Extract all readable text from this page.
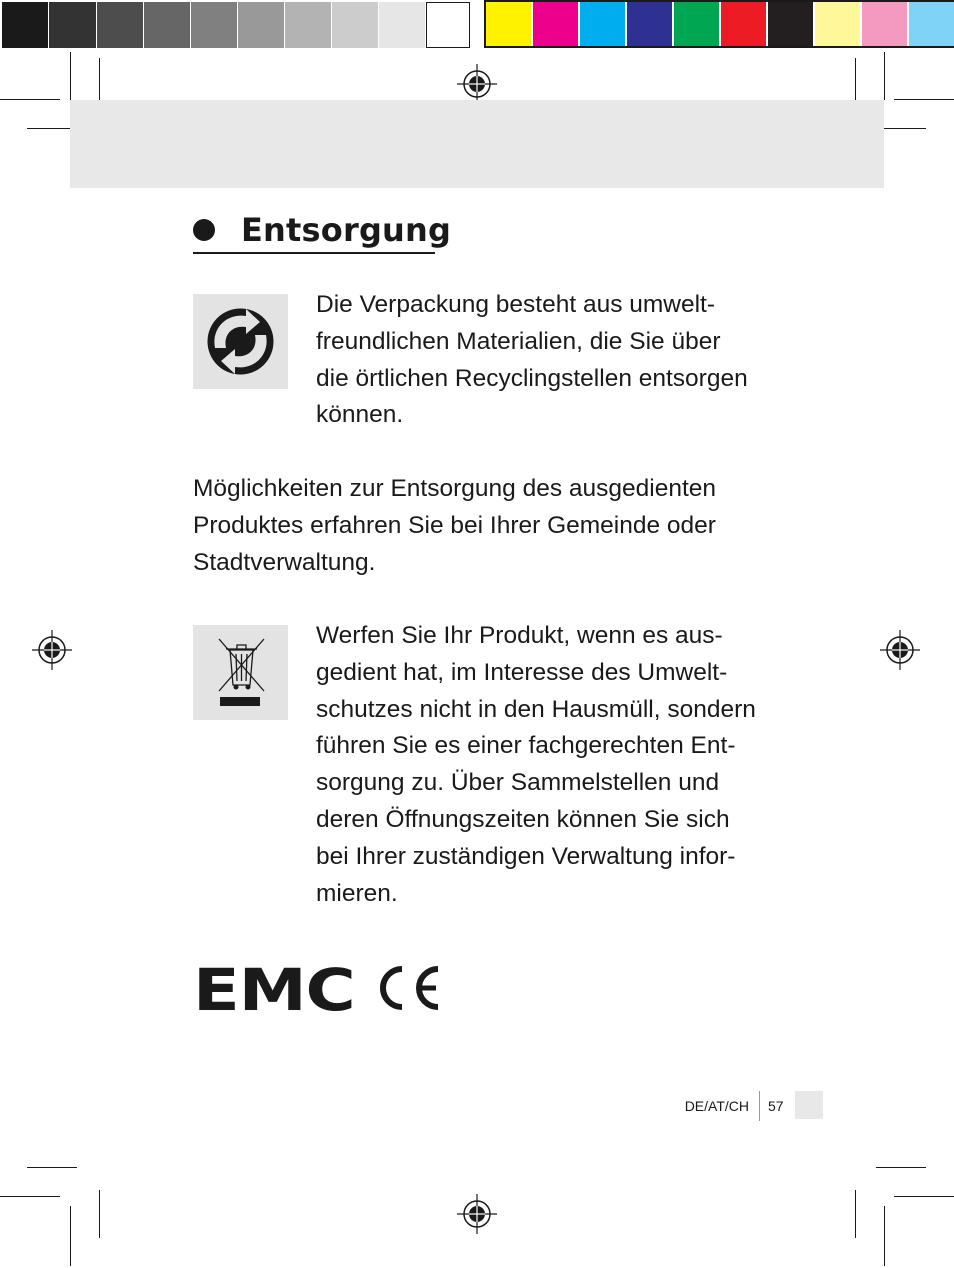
Entsorgung
Die Verpackung besteht aus umwelt-
freundlichen Materialien, die Sie über
die örtlichen Recyclingstellen entsorgen
können.
Möglichkeiten zur Entsorgung des ausgedienten
Produktes erfahren Sie bei Ihrer Gemeinde oder
Stadtverwaltung.
Werfen Sie Ihr Produkt, wenn es aus-
gedient hat, im Interesse des Umwelt-
schutzes nicht in den Hausmüll, sondern
führen Sie es einer fachgerechten Ent-
sorgung zu. Über Sammelstellen und
deren Öffnungszeiten können Sie sich
bei Ihrer zuständigen Verwaltung infor-
mieren.
EMC
DE/AT/CH 57
